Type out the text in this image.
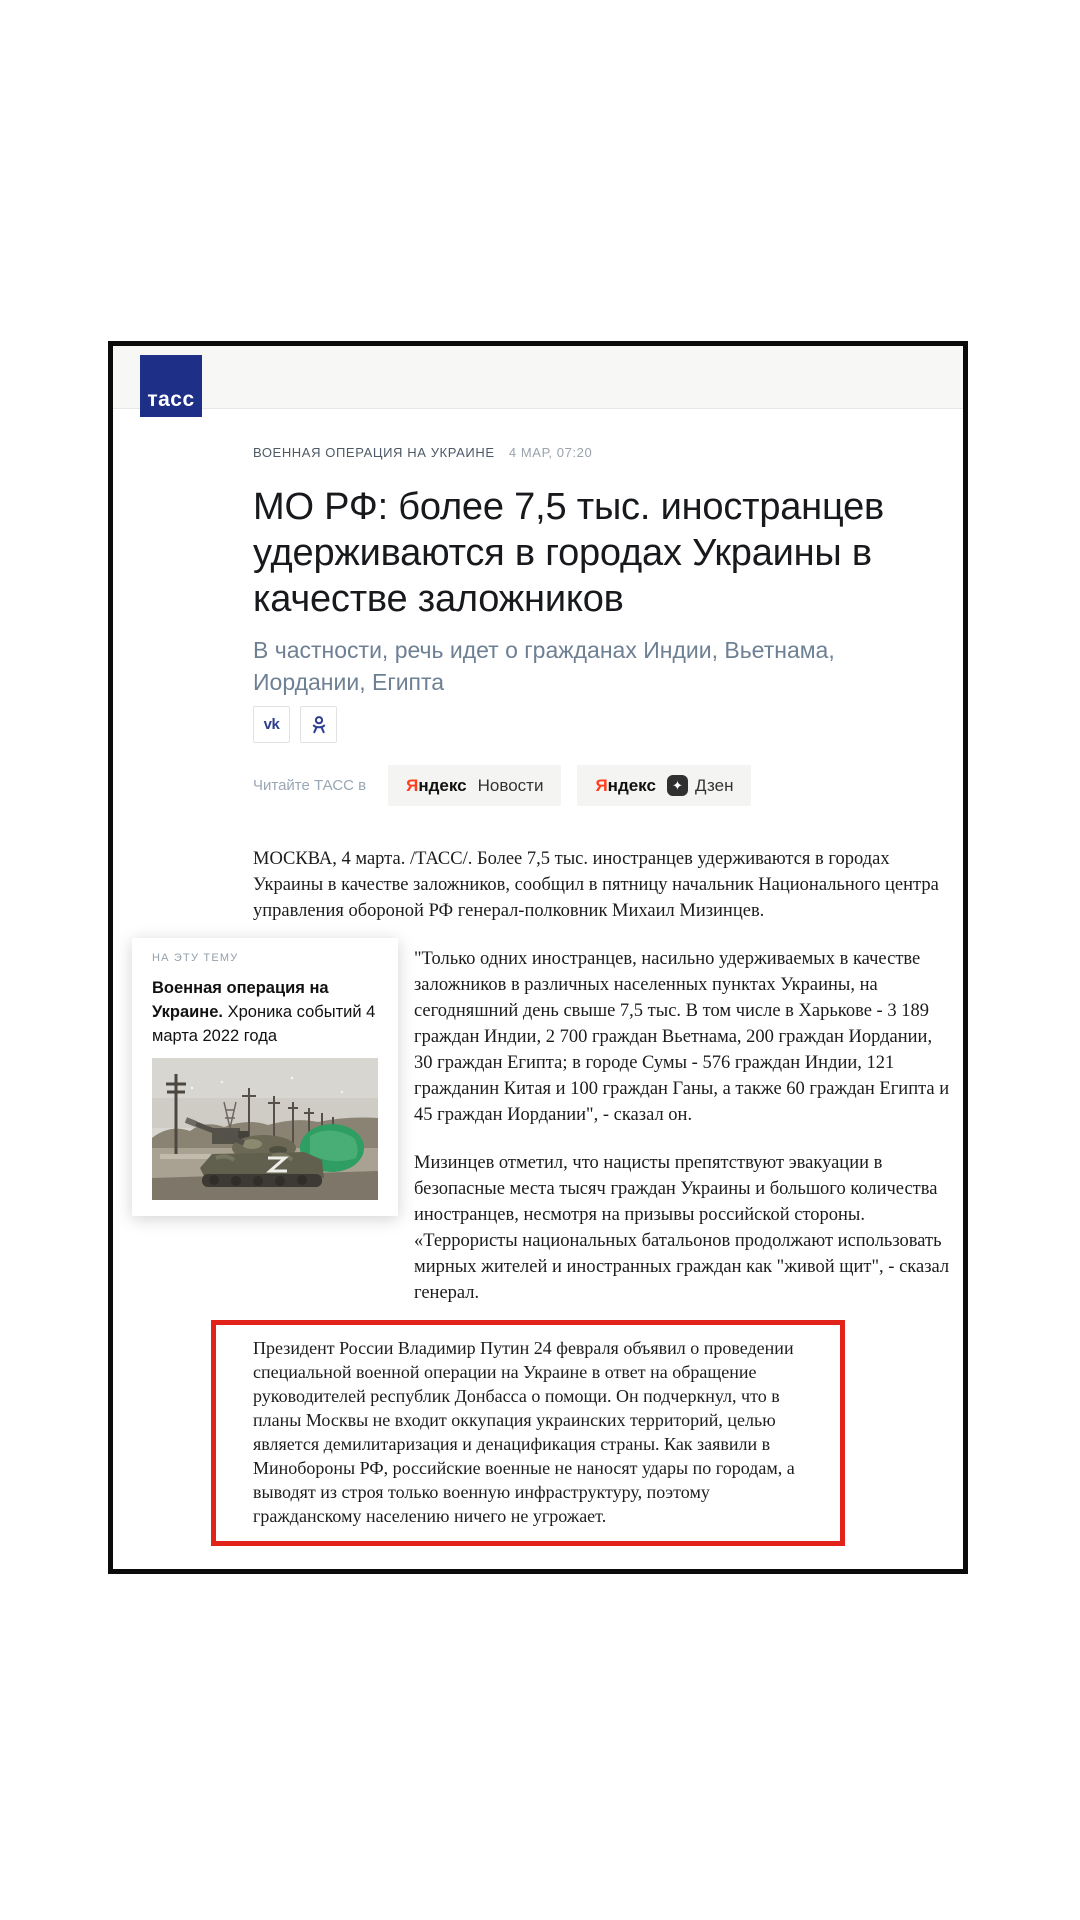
тасс
ВОЕННАЯ ОПЕРАЦИЯ НА УКРАИНЕ 4 МАР, 07:20
МО РФ: более 7,5 тыс. иностранцев удерживаются в городах Украины в качестве заложников
В частности, речь идет о гражданах Индии, Вьетнама, Иордании, Египта
vk
Читайте ТАСС в Яндекс Новости	Яндекс	✦ Дзен

МОСКВА, 4 марта. /ТАСС/. Более 7,5 тыс. иностранцев удерживаются в городах Украины в качестве заложников, сообщил в пятницу начальник Национального центра управления обороной РФ генерал-полковник Михаил Мизинцев.

НА ЭТУ ТЕМУ
Военная операция на Украине. Хроника событий 4 марта 2022 года

"Только одних иностранцев, насильно удерживаемых в качестве заложников в различных населенных пунктах Украины, на сегодняшний день свыше 7,5 тыс. В том числе в Харькове - 3 189 граждан Индии, 2 700 граждан Вьетнама, 200 граждан Иордании, 30 граждан Египта; в городе Сумы - 576 граждан Индии, 121 гражданин Китая и 100 граждан Ганы, а также 60 граждан Египта и 45 граждан Иордании", - сказал он.

Мизинцев отметил, что нацисты препятствуют эвакуации в безопасные места тысяч граждан Украины и большого количества иностранцев, несмотря на призывы российской стороны. «Террористы национальных батальонов продолжают использовать мирных жителей и иностранных граждан как "живой щит", - сказал генерал.

Президент России Владимир Путин 24 февраля объявил о проведении специальной военной операции на Украине в ответ на обращение руководителей республик Донбасса о помощи. Он подчеркнул, что в планы Москвы не входит оккупация украинских территорий, целью является демилитаризация и денацификация страны. Как заявили в Минобороны РФ, российские военные не наносят удары по городам, а выводят из строя только военную инфраструктуру, поэтому гражданскому населению ничего не угрожает.
